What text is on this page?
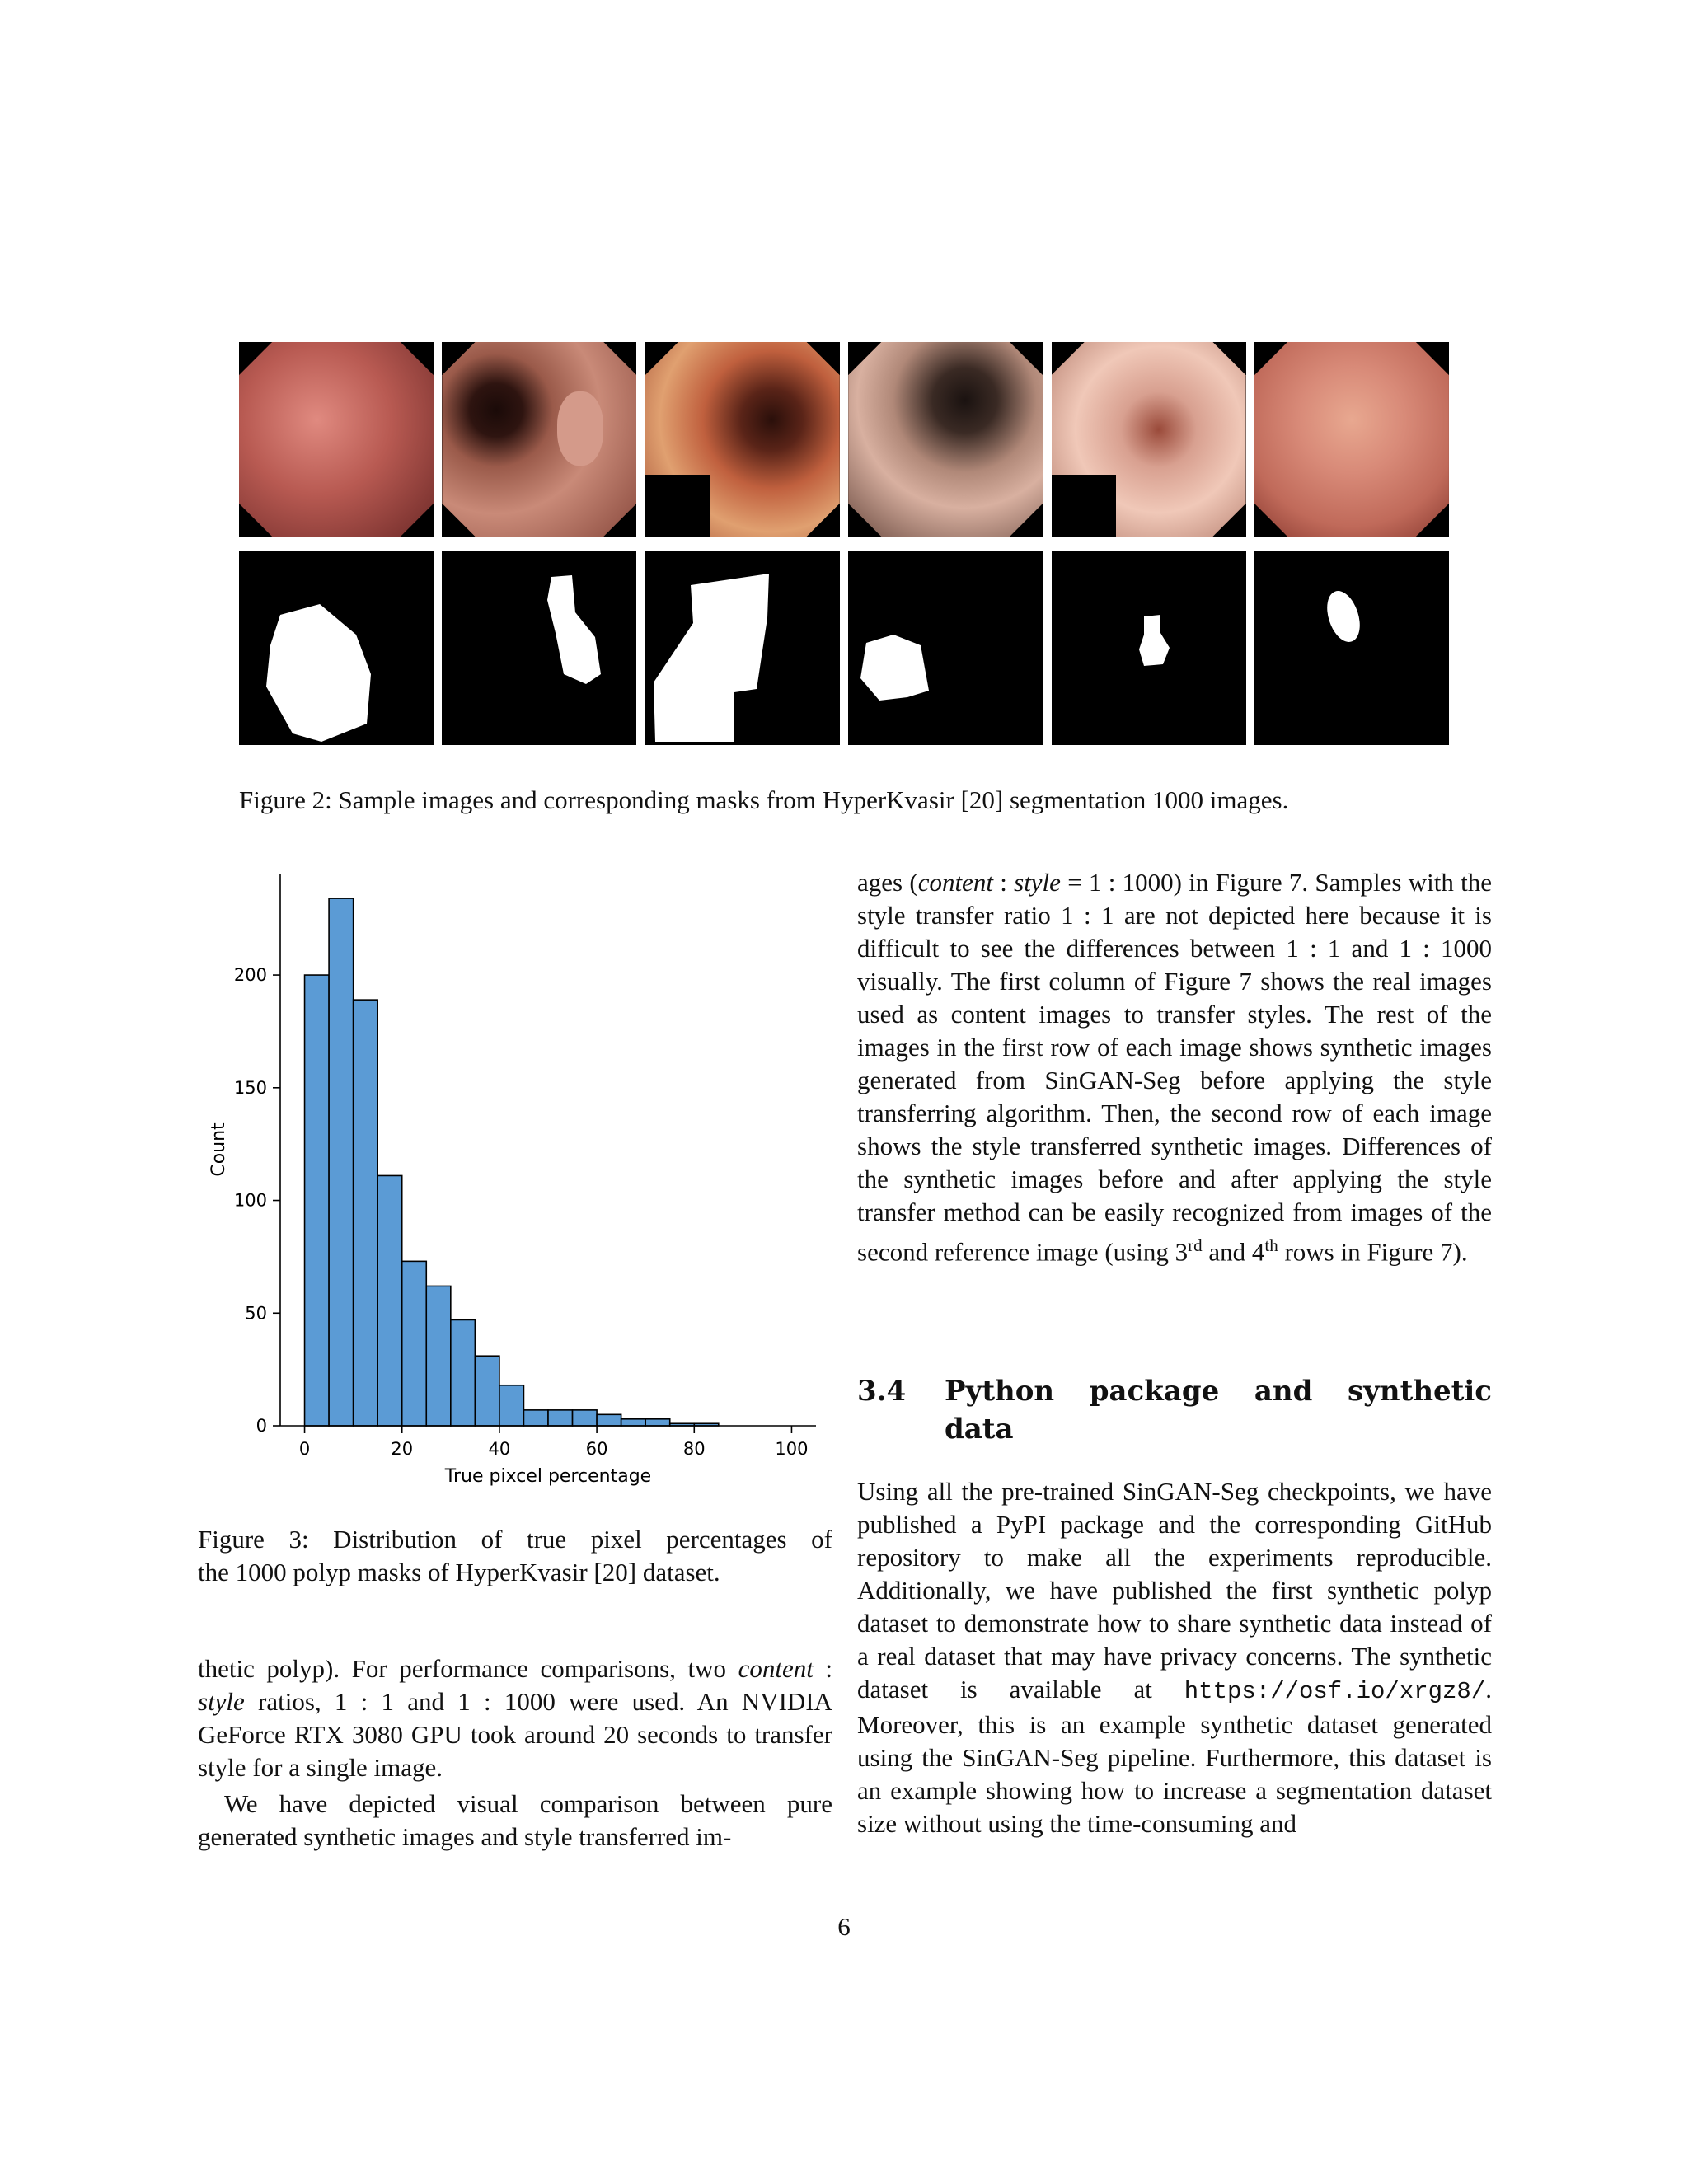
Figure 2: Sample images and corresponding masks from HyperKvasir [20] segmentation 1000 images.
0	20	40	60	80	100
0
50
100
150
200
True pixcel percentage
Count
Figure 3: Distribution of true pixel percentages of
the 1000 polyp masks of HyperKvasir [20] dataset.

thetic polyp). For performance comparisons, two content : style ratios, 1 : 1 and 1 : 1000 were used. An NVIDIA GeForce RTX 3080 GPU took around 20 seconds to transfer style for a single image.

We have depicted visual comparison between pure generated synthetic images and style transferred im-

ages (content : style = 1 : 1000) in Figure 7. Samples with the style transfer ratio 1 : 1 are not depicted here because it is difficult to see the differences between 1 : 1 and 1 : 1000 visually. The first column of Figure 7 shows the real images used as content images to transfer styles. The rest of the images in the first row of each image shows synthetic images generated from SinGAN-Seg before applying the style transferring algorithm. Then, the second row of each image shows the style transferred synthetic images. Differences of the synthetic images before and after applying the style transfer method can be easily recognized from images of the second reference image (using 3rd and 4th rows in Figure 7).

3.4 Python package and synthetic
data

Using all the pre-trained SinGAN-Seg checkpoints, we have published a PyPI package and the corresponding GitHub repository to make all the experiments reproducible. Additionally, we have published the first synthetic polyp dataset to demonstrate how to share synthetic data instead of a real dataset that may have privacy concerns. The synthetic dataset is available at https://osf.io/xrgz8/. Moreover, this is an example synthetic dataset generated using the SinGAN-Seg pipeline. Furthermore, this dataset is an example showing how to increase a segmentation dataset size without using the time-consuming and

6
